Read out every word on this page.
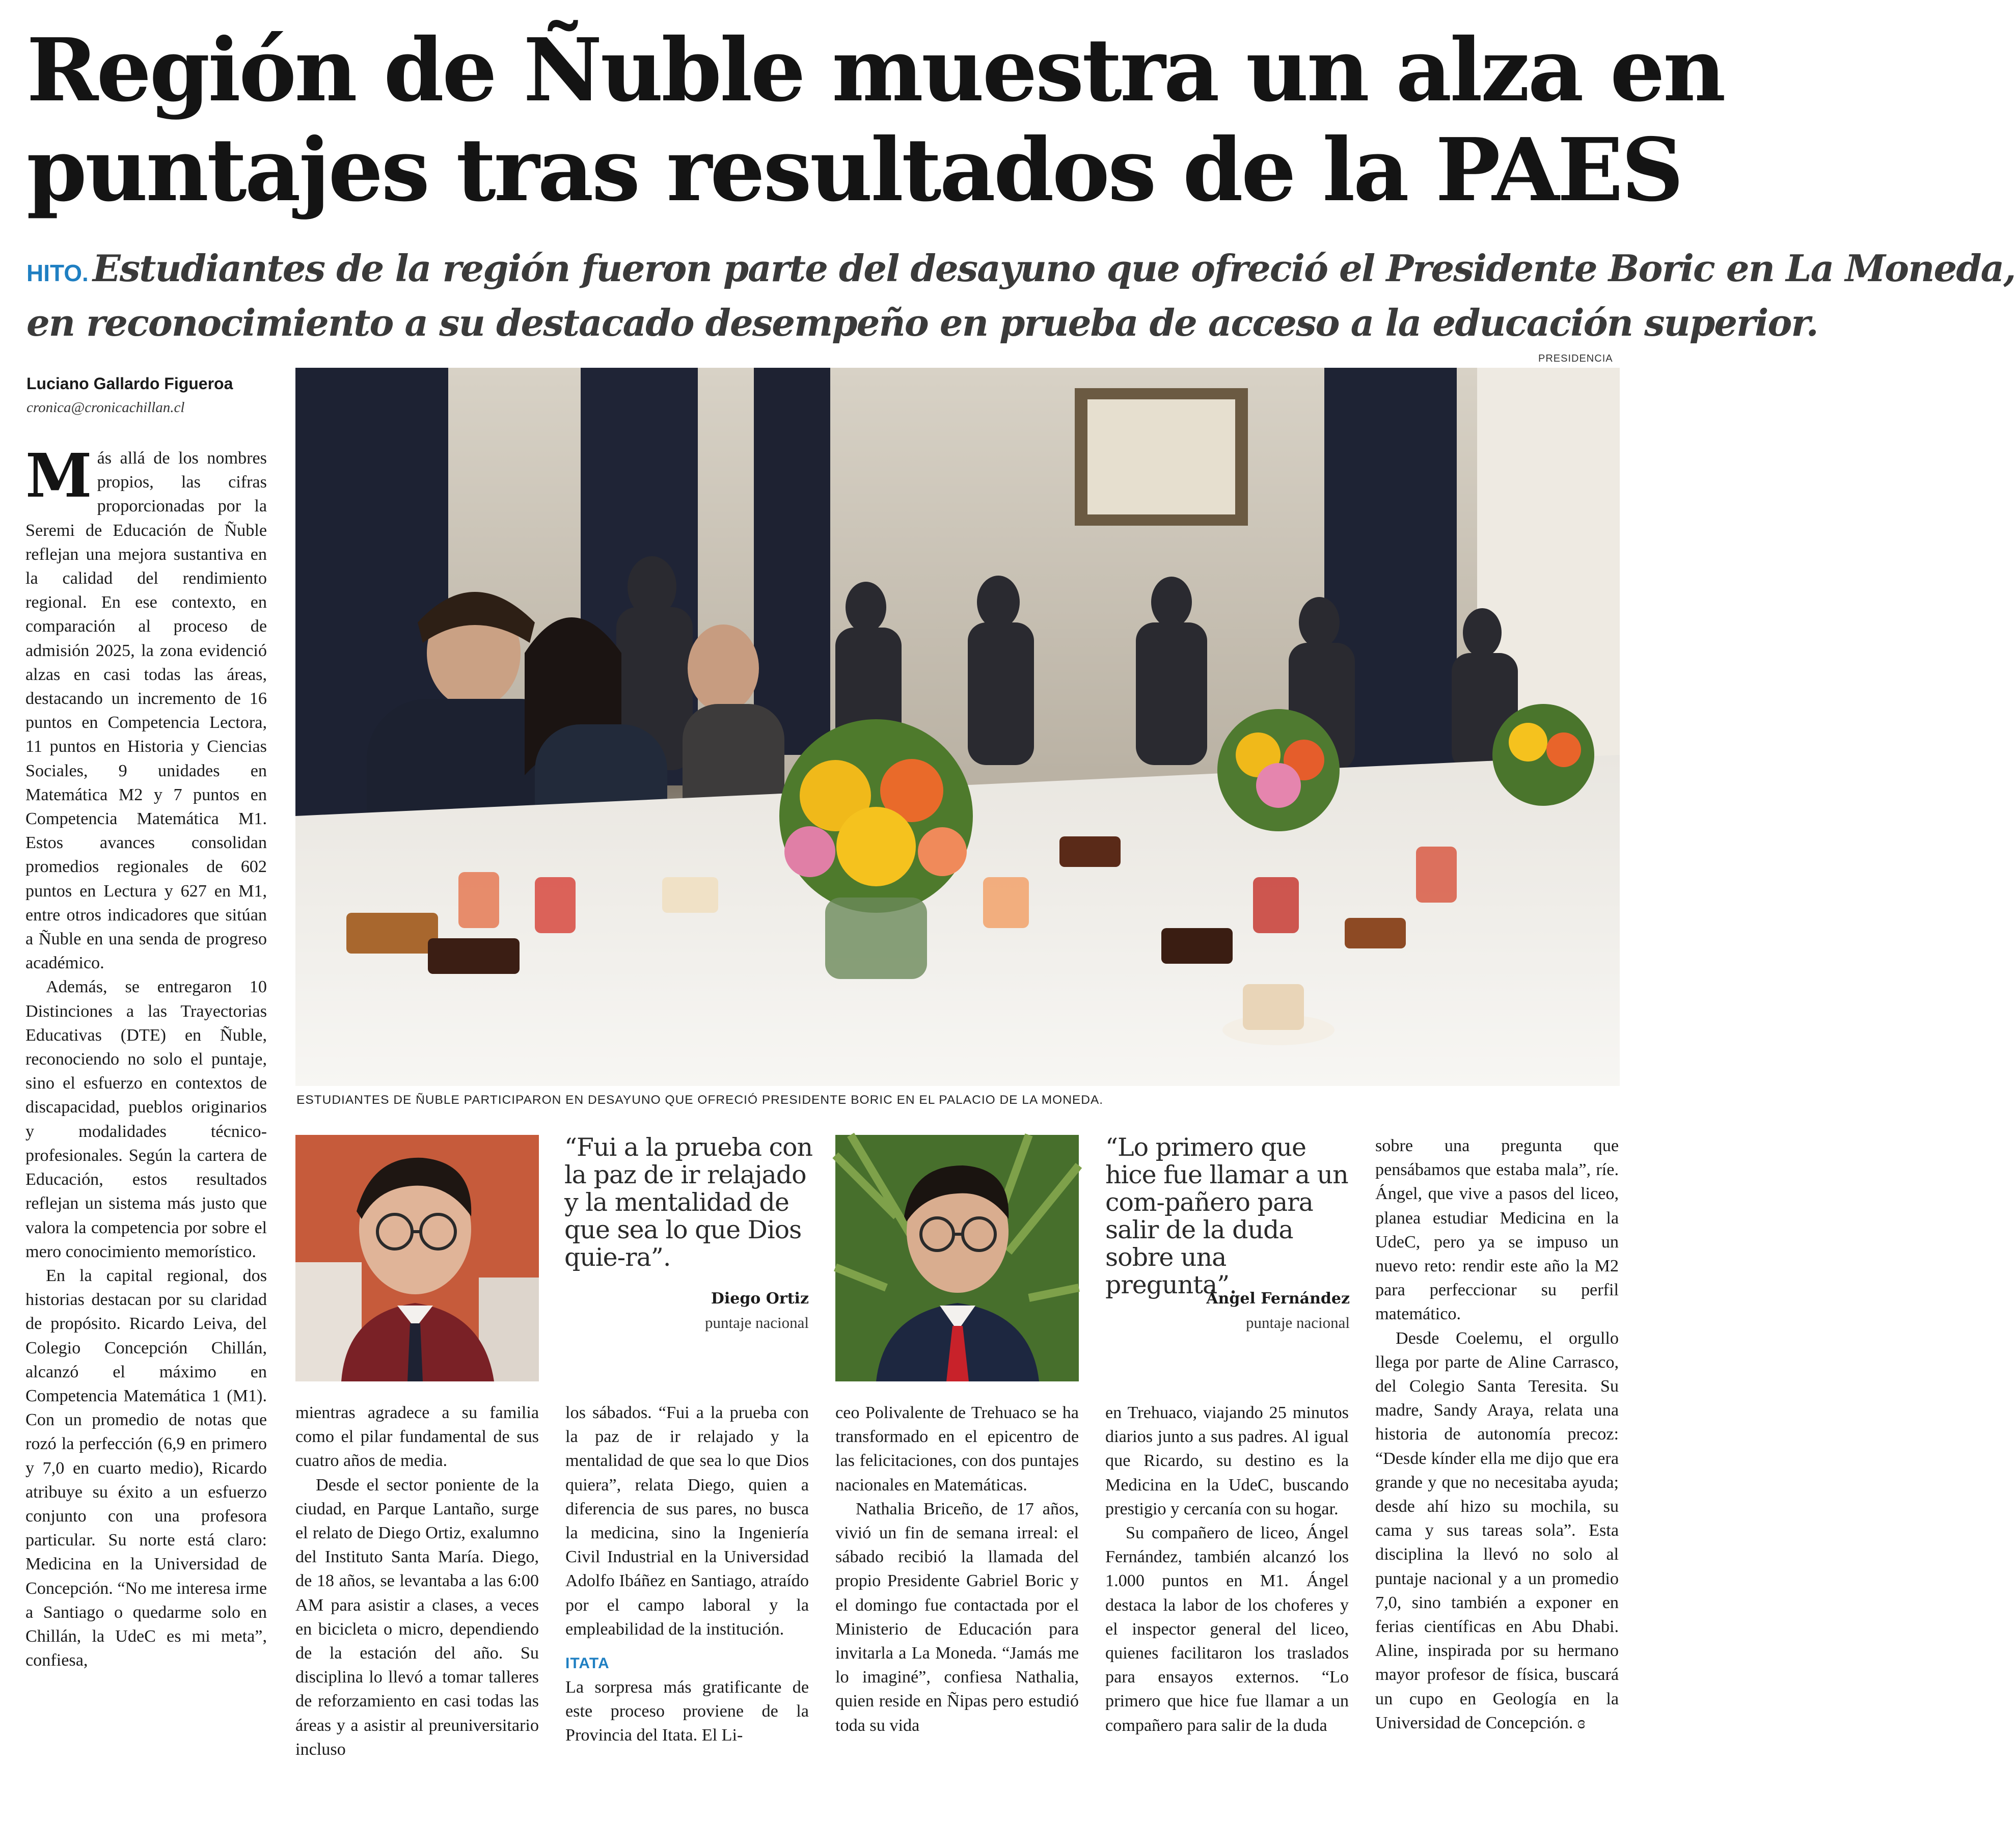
Región de Ñuble muestra un alza en
puntajes tras resultados de la PAES
HITO. Estudiantes de la región fueron parte del desayuno que ofreció el Presidente Boric en La Moneda,
en reconocimiento a su destacado desempeño en prueba de acceso a la educación superior.
Luciano Gallardo Figueroa
cronica@cronicachillan.cl
PRESIDENCIA

Más allá de los nombres propios, las cifras proporcionadas por la Seremi de Educación de Ñuble reflejan una mejora sustantiva en la calidad del rendimiento regional. En ese contexto, en comparación al proceso de admisión 2025, la zona evidenció alzas en casi todas las áreas, destacando un incremento de 16 puntos en Competencia Lectora, 11 puntos en Historia y Ciencias Sociales, 9 unidades en Matemática M2 y 7 puntos en Competencia Matemática M1. Estos avances consolidan promedios regionales de 602 puntos en Lectura y 627 en M1, entre otros indicadores que sitúan a Ñuble en una senda de progreso académico.

Además, se entregaron 10 Distinciones a las Trayectorias Educativas (DTE) en Ñuble, reconociendo no solo el puntaje, sino el esfuerzo en contextos de discapacidad, pueblos originarios y modalidades técnico-profesionales. Según la cartera de Educación, estos resultados reflejan un sistema más justo que valora la competencia por sobre el mero conocimiento memorístico.

En la capital regional, dos historias destacan por su claridad de propósito. Ricardo Leiva, del Colegio Concepción Chillán, alcanzó el máximo en Competencia Matemática 1 (M1). Con un promedio de notas que rozó la perfección (6,9 en primero y 7,0 en cuarto medio), Ricardo atribuye su éxito a un esfuerzo conjunto con una profesora particular. Su norte está claro: Medicina en la Universidad de Concepción. “No me interesa irme a Santiago o quedarme solo en Chillán, la UdeC es mi meta”, confiesa,

ESTUDIANTES DE ÑUBLE PARTICIPARON EN DESAYUNO QUE OFRECIÓ PRESIDENTE BORIC EN EL PALACIO DE LA MONEDA.
“Fui a la prueba con la paz de ir relajado y la mentalidad de que sea lo que Dios quie-ra”.
Diego Ortiz
puntaje nacional
“Lo primero que hice fue llamar a un com-pañero para salir de la duda sobre una pregunta”.
Ángel Fernández
puntaje nacional

mientras agradece a su familia como el pilar fundamental de sus cuatro años de media.

Desde el sector poniente de la ciudad, en Parque Lantaño, surge el relato de Diego Ortiz, exalumno del Instituto Santa María. Diego, de 18 años, se levantaba a las 6:00 AM para asistir a clases, a veces en bicicleta o micro, dependiendo de la estación del año. Su disciplina lo llevó a tomar talleres de reforzamiento en casi todas las áreas y a asistir al preuniversitario incluso

los sábados. “Fui a la prueba con la paz de ir relajado y la mentalidad de que sea lo que Dios quiera”, relata Diego, quien a diferencia de sus pares, no busca la medicina, sino la Ingeniería Civil Industrial en la Universidad Adolfo Ibáñez en Santiago, atraído por el campo laboral y la empleabilidad de la institución.

ITATA

La sorpresa más gratificante de este proceso proviene de la Provincia del Itata. El Li-

ceo Polivalente de Trehuaco se ha transformado en el epicentro de las felicitaciones, con dos puntajes nacionales en Matemáticas.

Nathalia Briceño, de 17 años, vivió un fin de semana irreal: el sábado recibió la llamada del propio Presidente Gabriel Boric y el domingo fue contactada por el Ministerio de Educación para invitarla a La Moneda. “Jamás me lo imaginé”, confiesa Nathalia, quien reside en Ñipas pero estudió toda su vida

en Trehuaco, viajando 25 minutos diarios junto a sus padres. Al igual que Ricardo, su destino es la Medicina en la UdeC, buscando prestigio y cercanía con su hogar.

Su compañero de liceo, Ángel Fernández, también alcanzó los 1.000 puntos en M1. Ángel destaca la labor de los choferes y el inspector general del liceo, quienes facilitaron los traslados para ensayos externos. “Lo primero que hice fue llamar a un compañero para salir de la duda

sobre una pregunta que pensábamos que estaba mala”, ríe. Ángel, que vive a pasos del liceo, planea estudiar Medicina en la UdeC, pero ya se impuso un nuevo reto: rendir este año la M2 para perfeccionar su perfil matemático.

Desde Coelemu, el orgullo llega por parte de Aline Carrasco, del Colegio Santa Teresita. Su madre, Sandy Araya, relata una historia de autonomía precoz: “Desde kínder ella me dijo que era grande y que no necesitaba ayuda; desde ahí hizo su mochila, su cama y sus tareas sola”. Esta disciplina la llevó no solo al puntaje nacional y a un promedio 7,0, sino también a exponer en ferias científicas en Abu Dhabi. Aline, inspirada por su hermano mayor profesor de física, buscará un cupo en Geología en la Universidad de Concepción. ɞ
